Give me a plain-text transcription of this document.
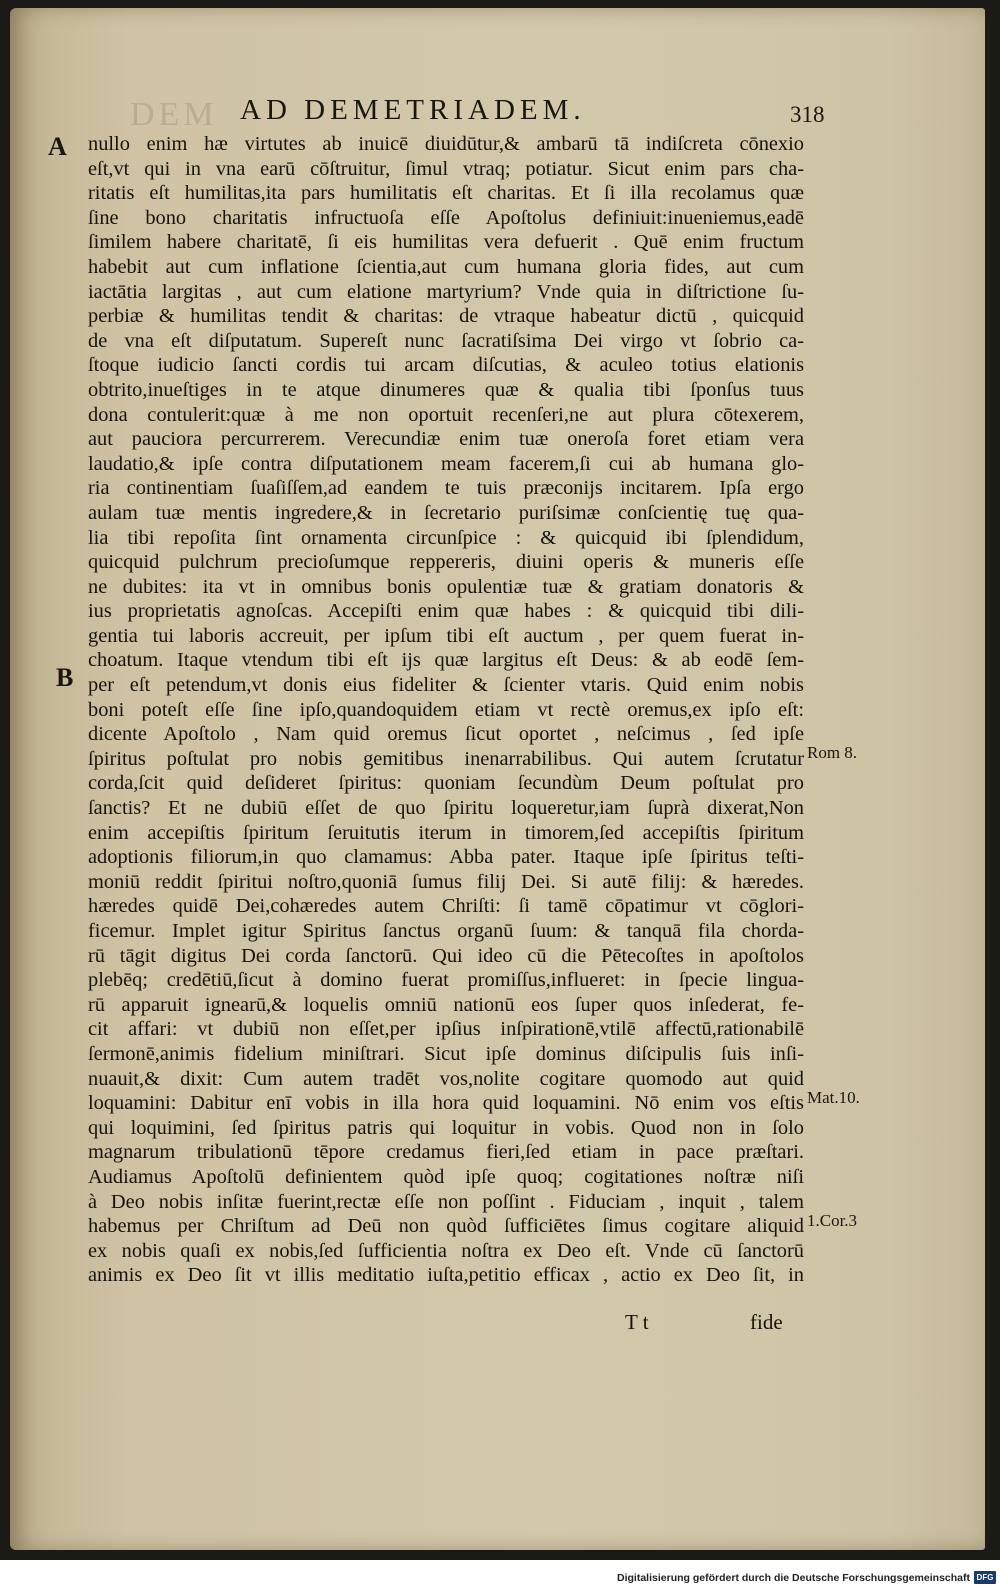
DEM AD DEMETRIADEM.	318
A
B
Rom 8.
Mat.10.
1.Cor.3
nullo enim hæ virtutes ab inuicē diuidūtur,& ambarū tā indiſcreta cōnexio
eſt,vt qui in vna earū cōſtruitur, ſimul vtraq; potiatur. Sicut enim pars cha-
ritatis eſt humilitas,ita pars humilitatis eſt charitas. Et ſi illa recolamus quæ
ſine bono charitatis infructuoſa eſſe Apoſtolus definiuit:inueniemus,eadē
ſimilem habere charitatē, ſi eis humilitas vera defuerit . Quē enim fructum
habebit aut cum inflatione ſcientia,aut cum humana gloria fides, aut cum
iactātia largitas , aut cum elatione martyrium? Vnde quia in diſtrictione ſu-
perbiæ & humilitas tendit & charitas: de vtraque habeatur dictū , quicquid
de vna eſt diſputatum. Supereſt nunc ſacratiſsima Dei virgo vt ſobrio ca-
ſtoque iudicio ſancti cordis tui arcam diſcutias, & aculeo totius elationis
obtrito,inueſtiges in te atque dinumeres quæ & qualia tibi ſponſus tuus
dona contulerit:quæ à me non oportuit recenſeri,ne aut plura cōtexerem,
aut pauciora percurrerem. Verecundiæ enim tuæ oneroſa foret etiam vera
laudatio,& ipſe contra diſputationem meam facerem,ſi cui ab humana glo-
ria continentiam ſuaſiſſem,ad eandem te tuis præconijs incitarem. Ipſa ergo
aulam tuæ mentis ingredere,& in ſecretario puriſsimæ conſcientię tuę qua-
lia tibi repoſita ſint ornamenta circunſpice : & quicquid ibi ſplendidum,
quicquid pulchrum precioſumque reppereris, diuini operis & muneris eſſe
ne dubites: ita vt in omnibus bonis opulentiæ tuæ & gratiam donatoris &
ius proprietatis agnoſcas. Accepiſti enim quæ habes : & quicquid tibi dili-
gentia tui laboris accreuit, per ipſum tibi eſt auctum , per quem fuerat in-
choatum. Itaque vtendum tibi eſt ijs quæ largitus eſt Deus: & ab eodē ſem-
per eſt petendum,vt donis eius fideliter & ſcienter vtaris. Quid enim nobis
boni poteſt eſſe ſine ipſo,quandoquidem etiam vt rectè oremus,ex ipſo eſt:
dicente Apoſtolo , Nam quid oremus ſicut oportet , neſcimus , ſed ipſe
ſpiritus poſtulat pro nobis gemitibus inenarrabilibus. Qui autem ſcrutatur
corda,ſcit quid deſideret ſpiritus: quoniam ſecundùm Deum poſtulat pro
ſanctis? Et ne dubiū eſſet de quo ſpiritu loqueretur,iam ſuprà dixerat,Non
enim accepiſtis ſpiritum ſeruitutis iterum in timorem,ſed accepiſtis ſpiritum
adoptionis filiorum,in quo clamamus: Abba pater. Itaque ipſe ſpiritus teſti-
moniū reddit ſpiritui noſtro,quoniā ſumus filij Dei. Si autē filij: & hæredes.
hæredes quidē Dei,cohæredes autem Chriſti: ſi tamē cōpatimur vt cōglori-
ficemur. Implet igitur Spiritus ſanctus organū ſuum: & tanquā fila chorda-
rū tāgit digitus Dei corda ſanctorū. Qui ideo cū die Pētecoſtes in apoſtolos
plebēq; credētiū,ſicut à domino fuerat promiſſus,influeret: in ſpecie lingua-
rū apparuit ignearū,& loquelis omniū nationū eos ſuper quos inſederat, fe-
cit affari: vt dubiū non eſſet,per ipſius inſpirationē,vtilē affectū,rationabilē
ſermonē,animis fidelium miniſtrari. Sicut ipſe dominus diſcipulis ſuis inſi-
nuauit,& dixit: Cum autem tradēt vos,nolite cogitare quomodo aut quid
loquamini: Dabitur enī vobis in illa hora quid loquamini. Nō enim vos eſtis
qui loquimini, ſed ſpiritus patris qui loquitur in vobis. Quod non in ſolo
magnarum tribulationū tēpore credamus fieri,ſed etiam in pace præſtari.
Audiamus Apoſtolū definientem quòd ipſe quoq; cogitationes noſtræ niſi
à Deo nobis inſitæ fuerint,rectæ eſſe non poſſint . Fiduciam , inquit , talem
habemus per Chriſtum ad Deū non quòd ſufficiētes ſimus cogitare aliquid
ex nobis quaſi ex nobis,ſed ſufficientia noſtra ex Deo eſt. Vnde cū ſanctorū
animis ex Deo ſit vt illis meditatio iuſta,petitio efficax , actio ex Deo ſit, in
T t	fide
Digitalisierung gefördert durch die Deutsche Forschungsgemeinschaft DFG
